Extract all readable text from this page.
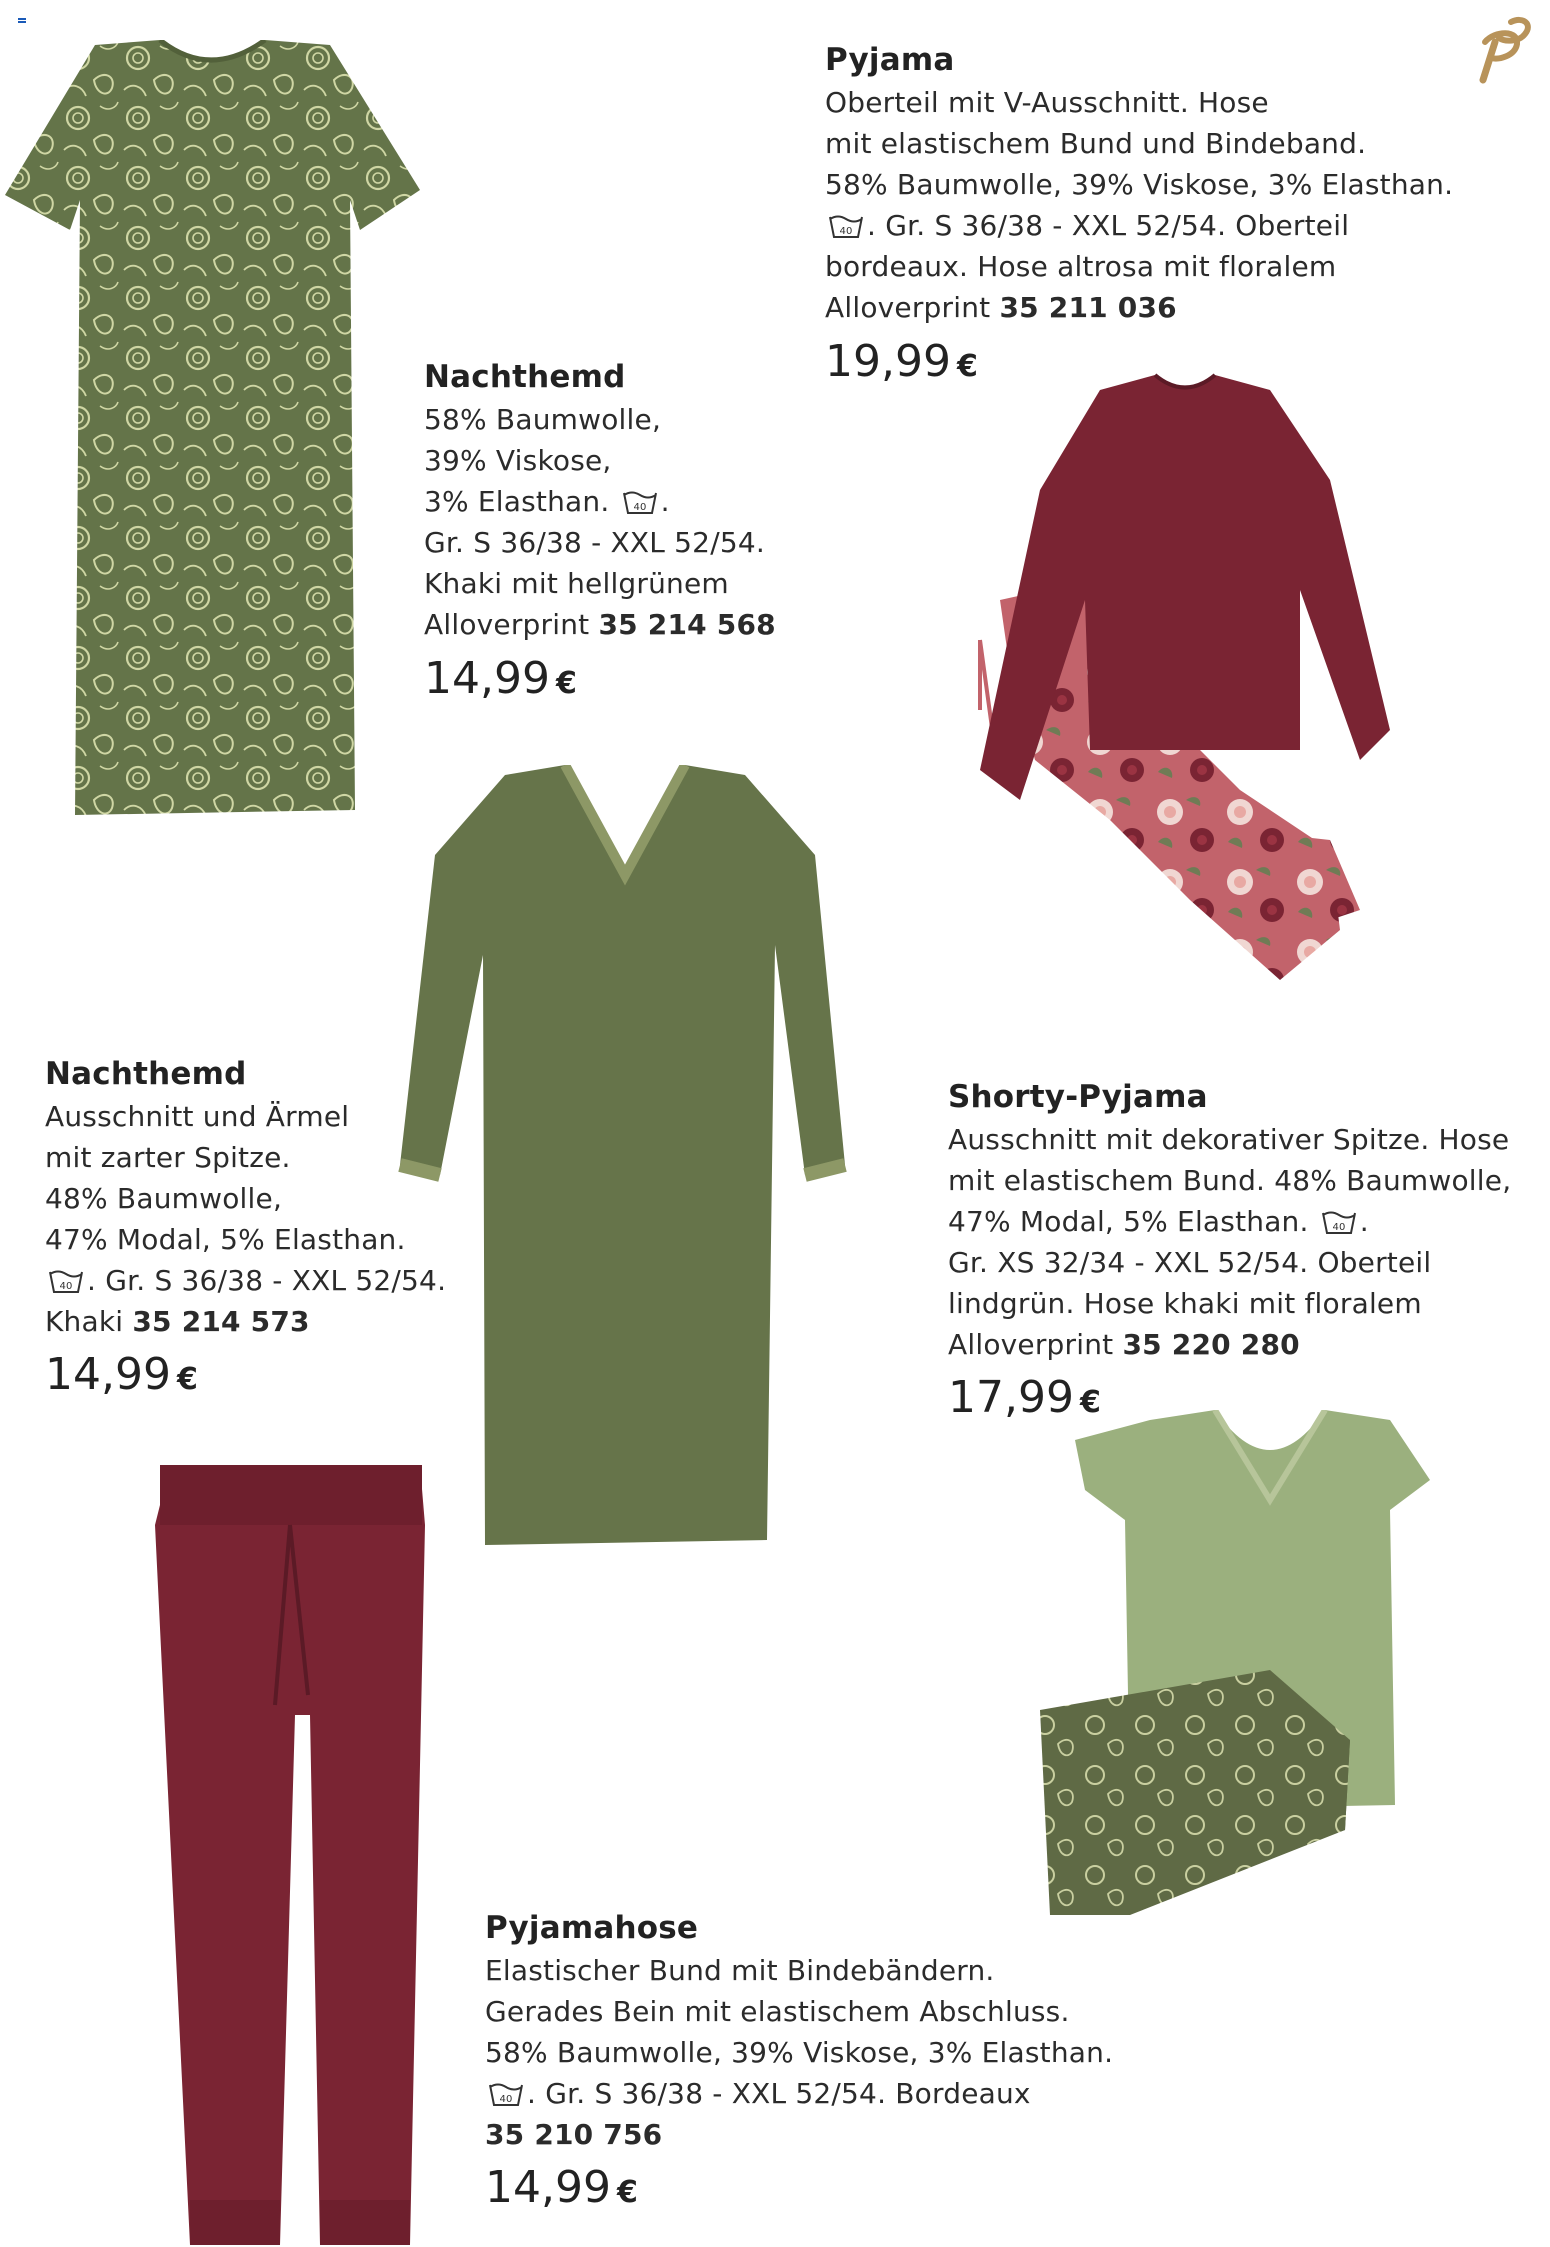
Pyjama
Oberteil mit V-Ausschnitt. Hose
mit elastischem Bund und Bindeband.
58% Baumwolle, 39% Viskose, 3% Elasthan.
40 . Gr. S 36/38 - XXL 52/54. Oberteil
bordeaux. Hose altrosa mit floralem
Alloverprint 35 211 036
19,99 €
Nachthemd
58% Baumwolle,
39% Viskose,
3% Elasthan. 40 .
Gr. S 36/38 - XXL 52/54.
Khaki mit hellgrünem
Alloverprint 35 214 568
14,99 €
Nachthemd
Ausschnitt und Ärmel
mit zarter Spitze.
48% Baumwolle,
47% Modal, 5% Elasthan.
40 . Gr. S 36/38 - XXL 52/54.
Khaki 35 214 573
14,99 €
Shorty-Pyjama
Ausschnitt mit dekorativer Spitze. Hose
mit elastischem Bund. 48% Baumwolle,
47% Modal, 5% Elasthan. 40 .
Gr. XS 32/34 - XXL 52/54. Oberteil
lindgrün. Hose khaki mit floralem
Alloverprint 35 220 280
17,99 €
Pyjamahose
Elastischer Bund mit Bindebändern.
Gerades Bein mit elastischem Abschluss.
58% Baumwolle, 39% Viskose, 3% Elasthan.
40 . Gr. S 36/38 - XXL 52/54. Bordeaux
35 210 756
14,99 €
